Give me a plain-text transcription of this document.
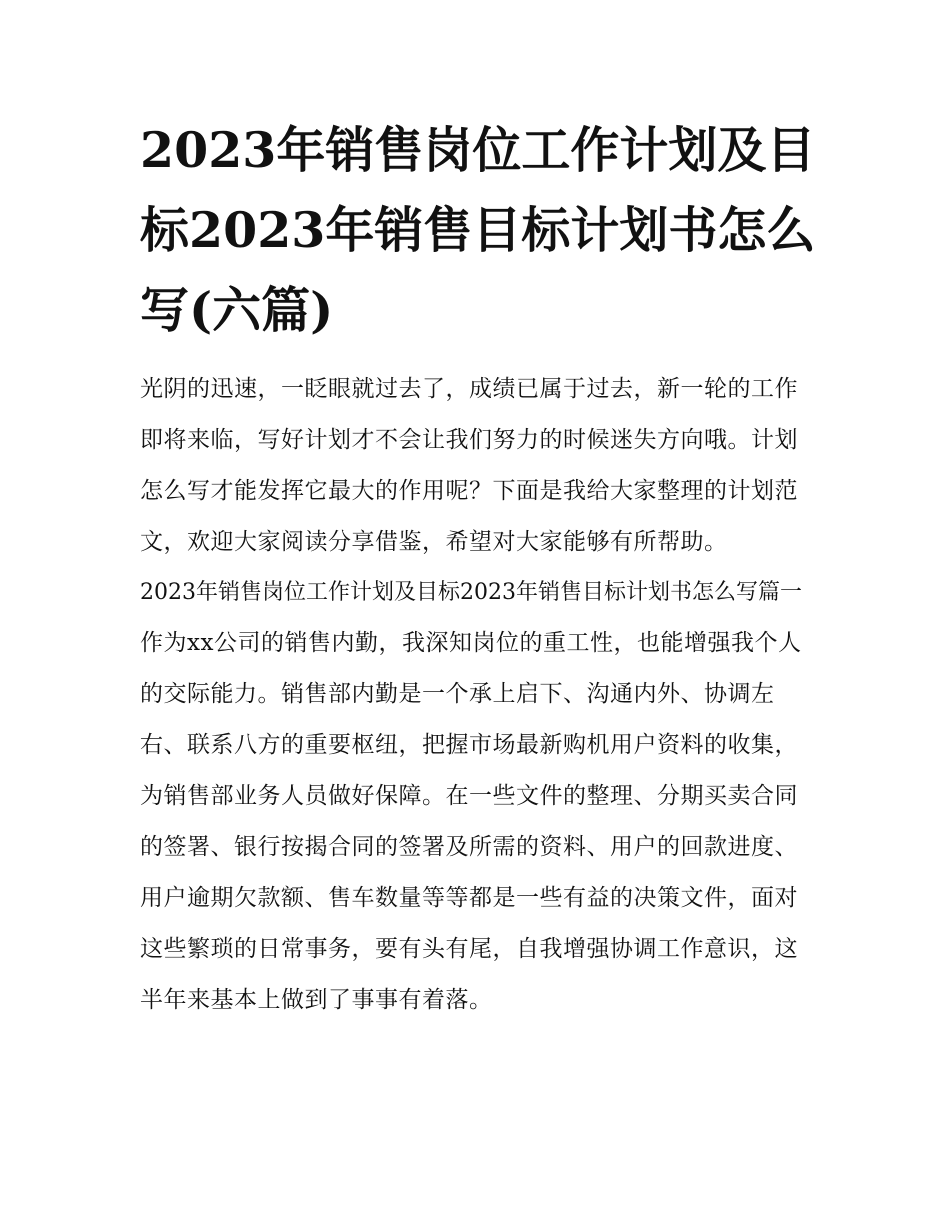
2023年销售岗位工作计划及目标2023年销售目标计划书怎么写(六篇)

光阴的迅速，一眨眼就过去了，成绩已属于过去，新一轮的工作即将来临，写好计划才不会让我们努力的时候迷失方向哦。计划怎么写才能发挥它最大的作用呢？下面是我给大家整理的计划范文，欢迎大家阅读分享借鉴，希望对大家能够有所帮助。

2023年销售岗位工作计划及目标2023年销售目标计划书怎么写篇一

作为xx公司的销售内勤，我深知岗位的重工性，也能增强我个人的交际能力。销售部内勤是一个承上启下、沟通内外、协调左右、联系八方的重要枢纽，把握市场最新购机用户资料的收集，为销售部业务人员做好保障。在一些文件的整理、分期买卖合同的签署、银行按揭合同的签署及所需的资料、用户的回款进度、用户逾期欠款额、售车数量等等都是一些有益的决策文件，面对这些繁琐的日常事务，要有头有尾，自我增强协调工作意识，这半年来基本上做到了事事有着落。
